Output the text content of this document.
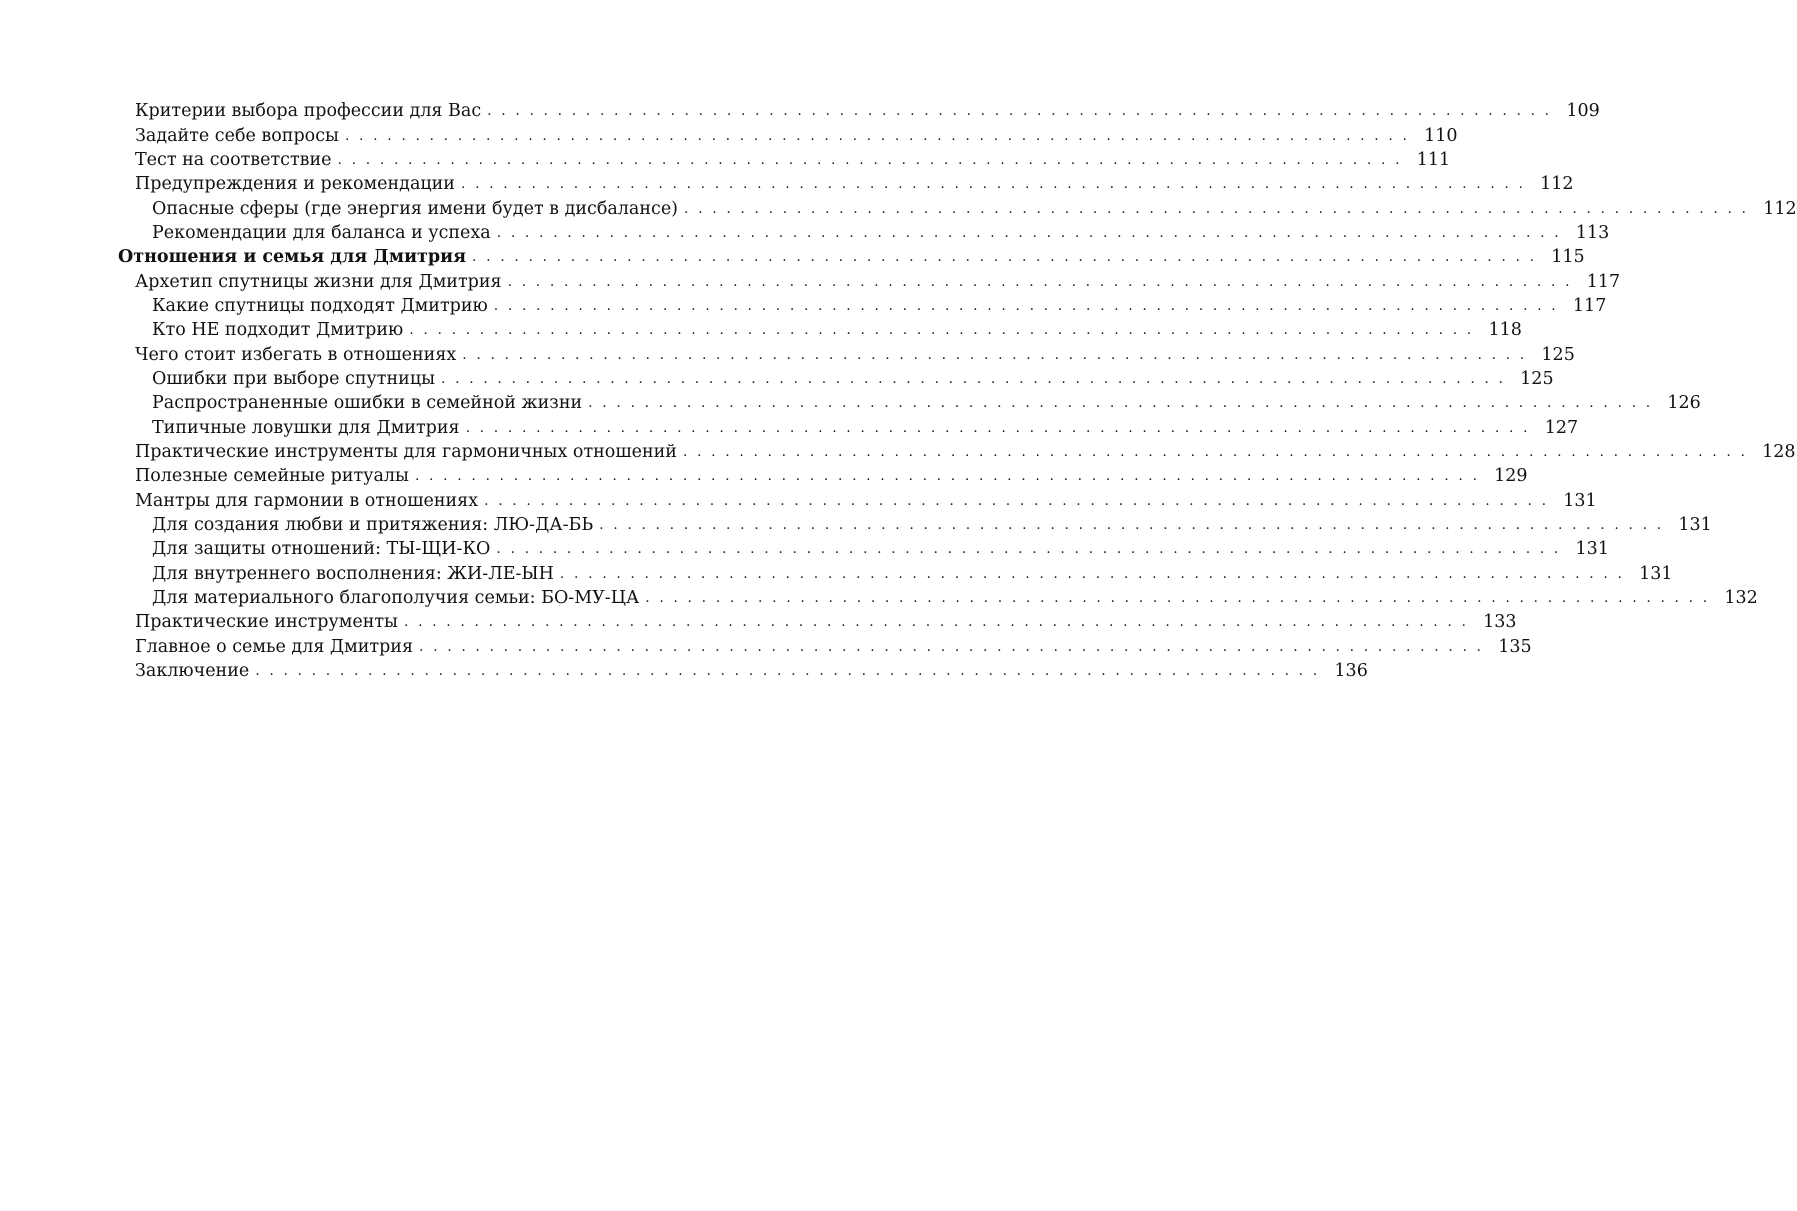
Критерии выбора профессии для Вас . . . . . . . . . . . . . . . . . . . . . . . . . . . . . . . . . . . . . . . . . . . . . . . . . . . . . . . . . . . . . . . . . . . . . . . . . . . . 109
Задайте себе вопросы . . . . . . . . . . . . . . . . . . . . . . . . . . . . . . . . . . . . . . . . . . . . . . . . . . . . . . . . . . . . . . . . . . . . . . . . . . . . 110
Тест на соответствие . . . . . . . . . . . . . . . . . . . . . . . . . . . . . . . . . . . . . . . . . . . . . . . . . . . . . . . . . . . . . . . . . . . . . . . . . . . . 111
Предупреждения и рекомендации . . . . . . . . . . . . . . . . . . . . . . . . . . . . . . . . . . . . . . . . . . . . . . . . . . . . . . . . . . . . . . . . . . . . . . . . . . . . 112
Опасные сферы (где энергия имени будет в дисбалансе) . . . . . . . . . . . . . . . . . . . . . . . . . . . . . . . . . . . . . . . . . . . . . . . . . . . . . . . . . . . . . . . . . . . . . . . . . . . . 112
Рекомендации для баланса и успеха . . . . . . . . . . . . . . . . . . . . . . . . . . . . . . . . . . . . . . . . . . . . . . . . . . . . . . . . . . . . . . . . . . . . . . . . . . . . 113
Отношения и семья для Дмитрия . . . . . . . . . . . . . . . . . . . . . . . . . . . . . . . . . . . . . . . . . . . . . . . . . . . . . . . . . . . . . . . . . . . . . . . . . . . . 115
Архетип спутницы жизни для Дмитрия . . . . . . . . . . . . . . . . . . . . . . . . . . . . . . . . . . . . . . . . . . . . . . . . . . . . . . . . . . . . . . . . . . . . . . . . . . . . 117
Какие спутницы подходят Дмитрию . . . . . . . . . . . . . . . . . . . . . . . . . . . . . . . . . . . . . . . . . . . . . . . . . . . . . . . . . . . . . . . . . . . . . . . . . . . . 117
Кто НЕ подходит Дмитрию . . . . . . . . . . . . . . . . . . . . . . . . . . . . . . . . . . . . . . . . . . . . . . . . . . . . . . . . . . . . . . . . . . . . . . . . . . . . 118
Чего стоит избегать в отношениях . . . . . . . . . . . . . . . . . . . . . . . . . . . . . . . . . . . . . . . . . . . . . . . . . . . . . . . . . . . . . . . . . . . . . . . . . . . . 125
Ошибки при выборе спутницы . . . . . . . . . . . . . . . . . . . . . . . . . . . . . . . . . . . . . . . . . . . . . . . . . . . . . . . . . . . . . . . . . . . . . . . . . . . . 125
Распространенные ошибки в семейной жизни . . . . . . . . . . . . . . . . . . . . . . . . . . . . . . . . . . . . . . . . . . . . . . . . . . . . . . . . . . . . . . . . . . . . . . . . . . . . 126
Типичные ловушки для Дмитрия . . . . . . . . . . . . . . . . . . . . . . . . . . . . . . . . . . . . . . . . . . . . . . . . . . . . . . . . . . . . . . . . . . . . . . . . . . . . 127
Практические инструменты для гармоничных отношений . . . . . . . . . . . . . . . . . . . . . . . . . . . . . . . . . . . . . . . . . . . . . . . . . . . . . . . . . . . . . . . . . . . . . . . . . . . . 128
Полезные семейные ритуалы . . . . . . . . . . . . . . . . . . . . . . . . . . . . . . . . . . . . . . . . . . . . . . . . . . . . . . . . . . . . . . . . . . . . . . . . . . . . 129
Мантры для гармонии в отношениях . . . . . . . . . . . . . . . . . . . . . . . . . . . . . . . . . . . . . . . . . . . . . . . . . . . . . . . . . . . . . . . . . . . . . . . . . . . . 131
Для создания любви и притяжения: ЛЮ-ДА-БЬ . . . . . . . . . . . . . . . . . . . . . . . . . . . . . . . . . . . . . . . . . . . . . . . . . . . . . . . . . . . . . . . . . . . . . . . . . . . . 131
Для защиты отношений: ТЫ-ЩИ-КО . . . . . . . . . . . . . . . . . . . . . . . . . . . . . . . . . . . . . . . . . . . . . . . . . . . . . . . . . . . . . . . . . . . . . . . . . . . . 131
Для внутреннего восполнения: ЖИ-ЛЕ-ЫН . . . . . . . . . . . . . . . . . . . . . . . . . . . . . . . . . . . . . . . . . . . . . . . . . . . . . . . . . . . . . . . . . . . . . . . . . . . . 131
Для материального благополучия семьи: БО-МУ-ЦА . . . . . . . . . . . . . . . . . . . . . . . . . . . . . . . . . . . . . . . . . . . . . . . . . . . . . . . . . . . . . . . . . . . . . . . . . . . . 132
Практические инструменты . . . . . . . . . . . . . . . . . . . . . . . . . . . . . . . . . . . . . . . . . . . . . . . . . . . . . . . . . . . . . . . . . . . . . . . . . . . . 133
Главное о семье для Дмитрия . . . . . . . . . . . . . . . . . . . . . . . . . . . . . . . . . . . . . . . . . . . . . . . . . . . . . . . . . . . . . . . . . . . . . . . . . . . . 135
Заключение . . . . . . . . . . . . . . . . . . . . . . . . . . . . . . . . . . . . . . . . . . . . . . . . . . . . . . . . . . . . . . . . . . . . . . . . . . . . 136
